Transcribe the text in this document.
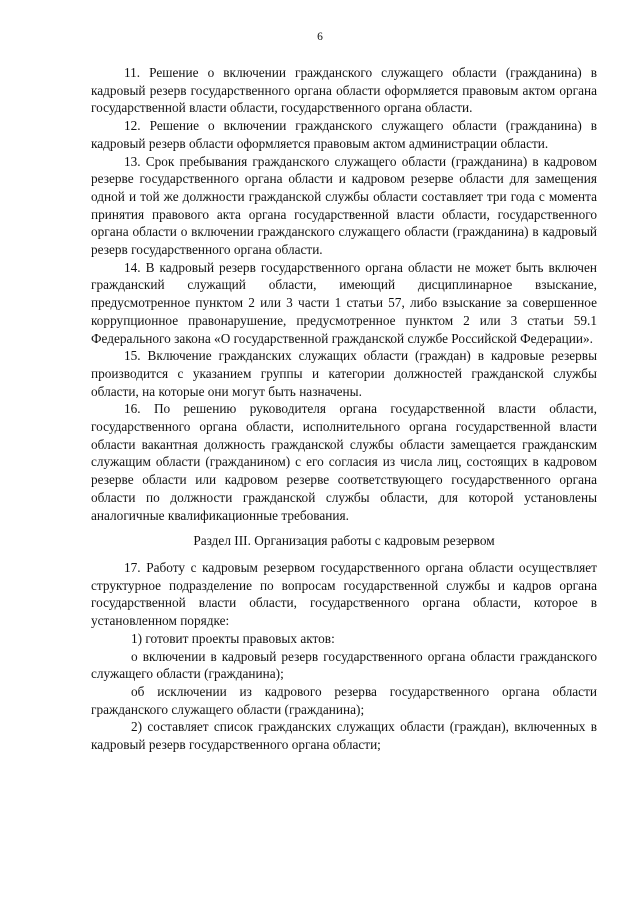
6

11. Решение о включении гражданского служащего области (гражданина) в кадровый резерв государственного органа области оформляется правовым актом органа государственной власти области, государственного органа области.

12. Решение о включении гражданского служащего области (гражданина) в кадровый резерв области оформляется правовым актом администрации области.

13. Срок пребывания гражданского служащего области (гражданина) в кадровом резерве государственного органа области и кадровом резерве области для замещения одной и той же должности гражданской службы области составляет три года с момента принятия правового акта органа государственной власти области, государственного органа области о включении гражданского служащего области (гражданина) в кадровый резерв государственного органа области.

14. В кадровый резерв государственного органа области не может быть включен гражданский служащий области, имеющий дисциплинарное взыскание, предусмотренное пунктом 2 или 3 части 1 статьи 57, либо взыскание за совершенное коррупционное правонарушение, предусмотренное пунктом 2 или 3 статьи 59.1 Федерального закона «О государственной гражданской службе Российской Федерации».

15. Включение гражданских служащих области (граждан) в кадровые резервы производится с указанием группы и категории должностей гражданской службы области, на которые они могут быть назначены.

16. По решению руководителя органа государственной власти области, государственного органа области, исполнительного органа государственной власти области вакантная должность гражданской службы области замещается гражданским служащим области (гражданином) с его согласия из числа лиц, состоящих в кадровом резерве области или кадровом резерве соответствующего государственного органа области по должности гражданской службы области, для которой установлены аналогичные квалификационные требования.

Раздел III. Организация работы с кадровым резервом

17. Работу с кадровым резервом государственного органа области осуществляет структурное подразделение по вопросам государственной службы и кадров органа государственной власти области, государственного органа области, которое в установленном порядке:

1) готовит проекты правовых актов:

о включении в кадровый резерв государственного органа области гражданского служащего области (гражданина);

об исключении из кадрового резерва государственного органа области гражданского служащего области (гражданина);

2) составляет список гражданских служащих области (граждан), включенных в кадровый резерв государственного органа области;
